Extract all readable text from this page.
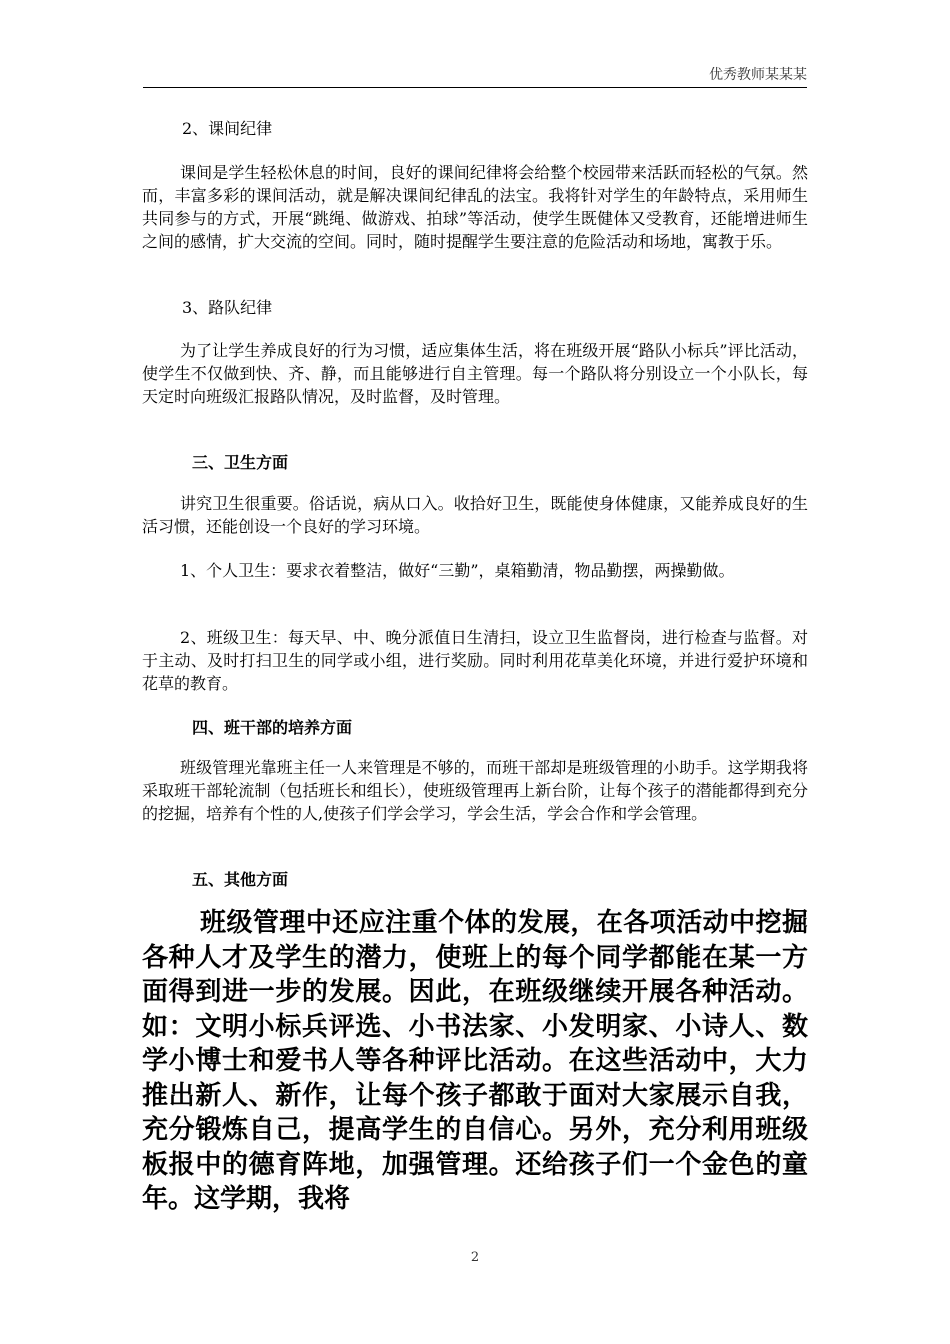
优秀教师某某某
2、课间纪律
课间是学生轻松休息的时间，良好的课间纪律将会给整个校园带来活跃而轻松的气氛。然而，丰富多彩的课间活动，就是解决课间纪律乱的法宝。我将针对学生的年龄特点，采用师生共同参与的方式，开展“跳绳、做游戏、拍球”等活动，使学生既健体又受教育，还能增进师生之间的感情，扩大交流的空间。同时，随时提醒学生要注意的危险活动和场地，寓教于乐。
3、路队纪律
为了让学生养成良好的行为习惯，适应集体生活，将在班级开展“路队小标兵”评比活动，使学生不仅做到快、齐、静，而且能够进行自主管理。每一个路队将分别设立一个小队长，每天定时向班级汇报路队情况，及时监督，及时管理。
三、卫生方面
讲究卫生很重要。俗话说，病从口入。收拾好卫生，既能使身体健康，又能养成良好的生活习惯，还能创设一个良好的学习环境。
1、个人卫生：要求衣着整洁，做好“三勤”，桌箱勤清，物品勤摆，两操勤做。
2、班级卫生：每天早、中、晚分派值日生清扫，设立卫生监督岗，进行检查与监督。对于主动、及时打扫卫生的同学或小组，进行奖励。同时利用花草美化环境，并进行爱护环境和花草的教育。
四、班干部的培养方面
班级管理光靠班主任一人来管理是不够的，而班干部却是班级管理的小助手。这学期我将采取班干部轮流制（包括班长和组长），使班级管理再上新台阶，让每个孩子的潜能都得到充分的挖掘，培养有个性的人,使孩子们学会学习，学会生活，学会合作和学会管理。
五、其他方面
班级管理中还应注重个体的发展，在各项活动中挖掘各种人才及学生的潜力，使班上的每个同学都能在某一方面得到进一步的发展。因此，在班级继续开展各种活动。如：文明小标兵评选、小书法家、小发明家、小诗人、数学小博士和爱书人等各种评比活动。在这些活动中，大力推出新人、新作，让每个孩子都敢于面对大家展示自我，充分锻炼自己，提高学生的自信心。另外，充分利用班级板报中的德育阵地，加强管理。还给孩子们一个金色的童年。这学期，我将
2
